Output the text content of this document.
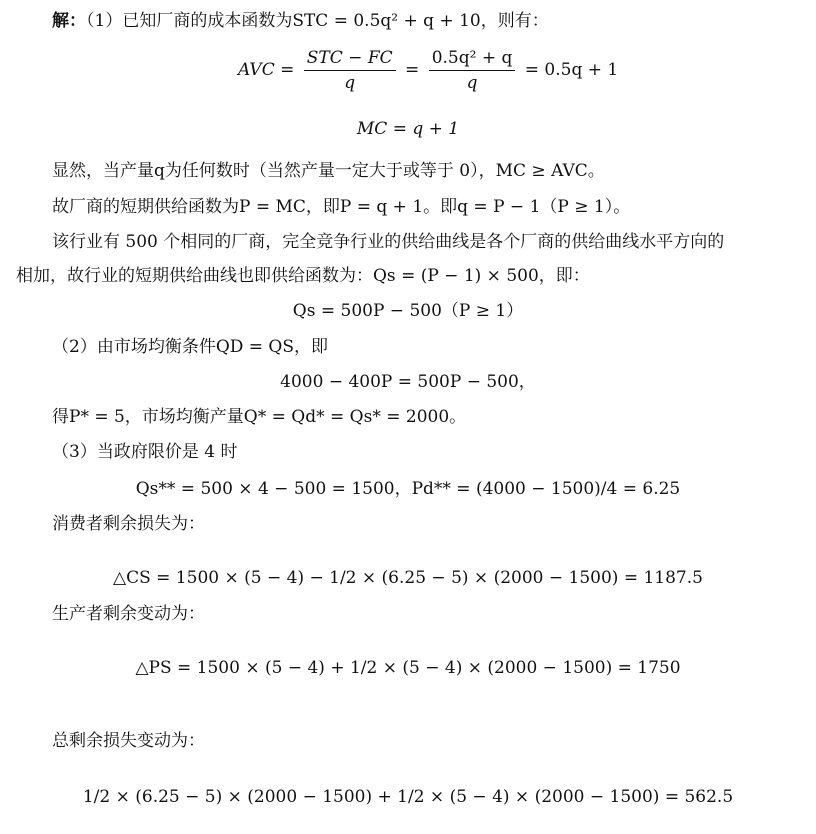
解：（1）已知厂商的成本函数为STC = 0.5q² + q + 10，则有：
AVC = $\frac{\text{STC − FC}}{q} = \frac{\text{0.5q² + q}}{q} = 0.5q + 1$
MC = q + 1
显然，当产量q为任何数时（当然产量一定大于或等于 0），MC ≥ AVC。
故厂商的短期供给函数为P = MC，即P = q + 1。即q = P − 1（P ≥ 1）。
该行业有 500 个相同的厂商，完全竞争行业的供给曲线是各个厂商的供给曲线水平方向的
相加，故行业的短期供给曲线也即供给函数为：Qs = (P − 1) × 500，即：
Qs = 500P − 500（P ≥ 1）
（2）由市场均衡条件QD = QS，即
4000 − 400P = 500P − 500，
得P* = 5，市场均衡产量Q* = Qd* = Qs* = 2000。
（3）当政府限价是 4 时
Qs** = 500 × 4 − 500 = 1500，Pd** = (4000 − 1500)/4 = 6.25
消费者剩余损失为：
△CS = 1500 × (5 − 4) − 1/2 × (6.25 − 5) × (2000 − 1500) = 1187.5
生产者剩余变动为：
△PS = 1500 × (5 − 4) + 1/2 × (5 − 4) × (2000 − 1500) = 1750
总剩余损失变动为：
1/2 × (6.25 − 5) × (2000 − 1500) + 1/2 × (5 − 4) × (2000 − 1500) = 562.5
